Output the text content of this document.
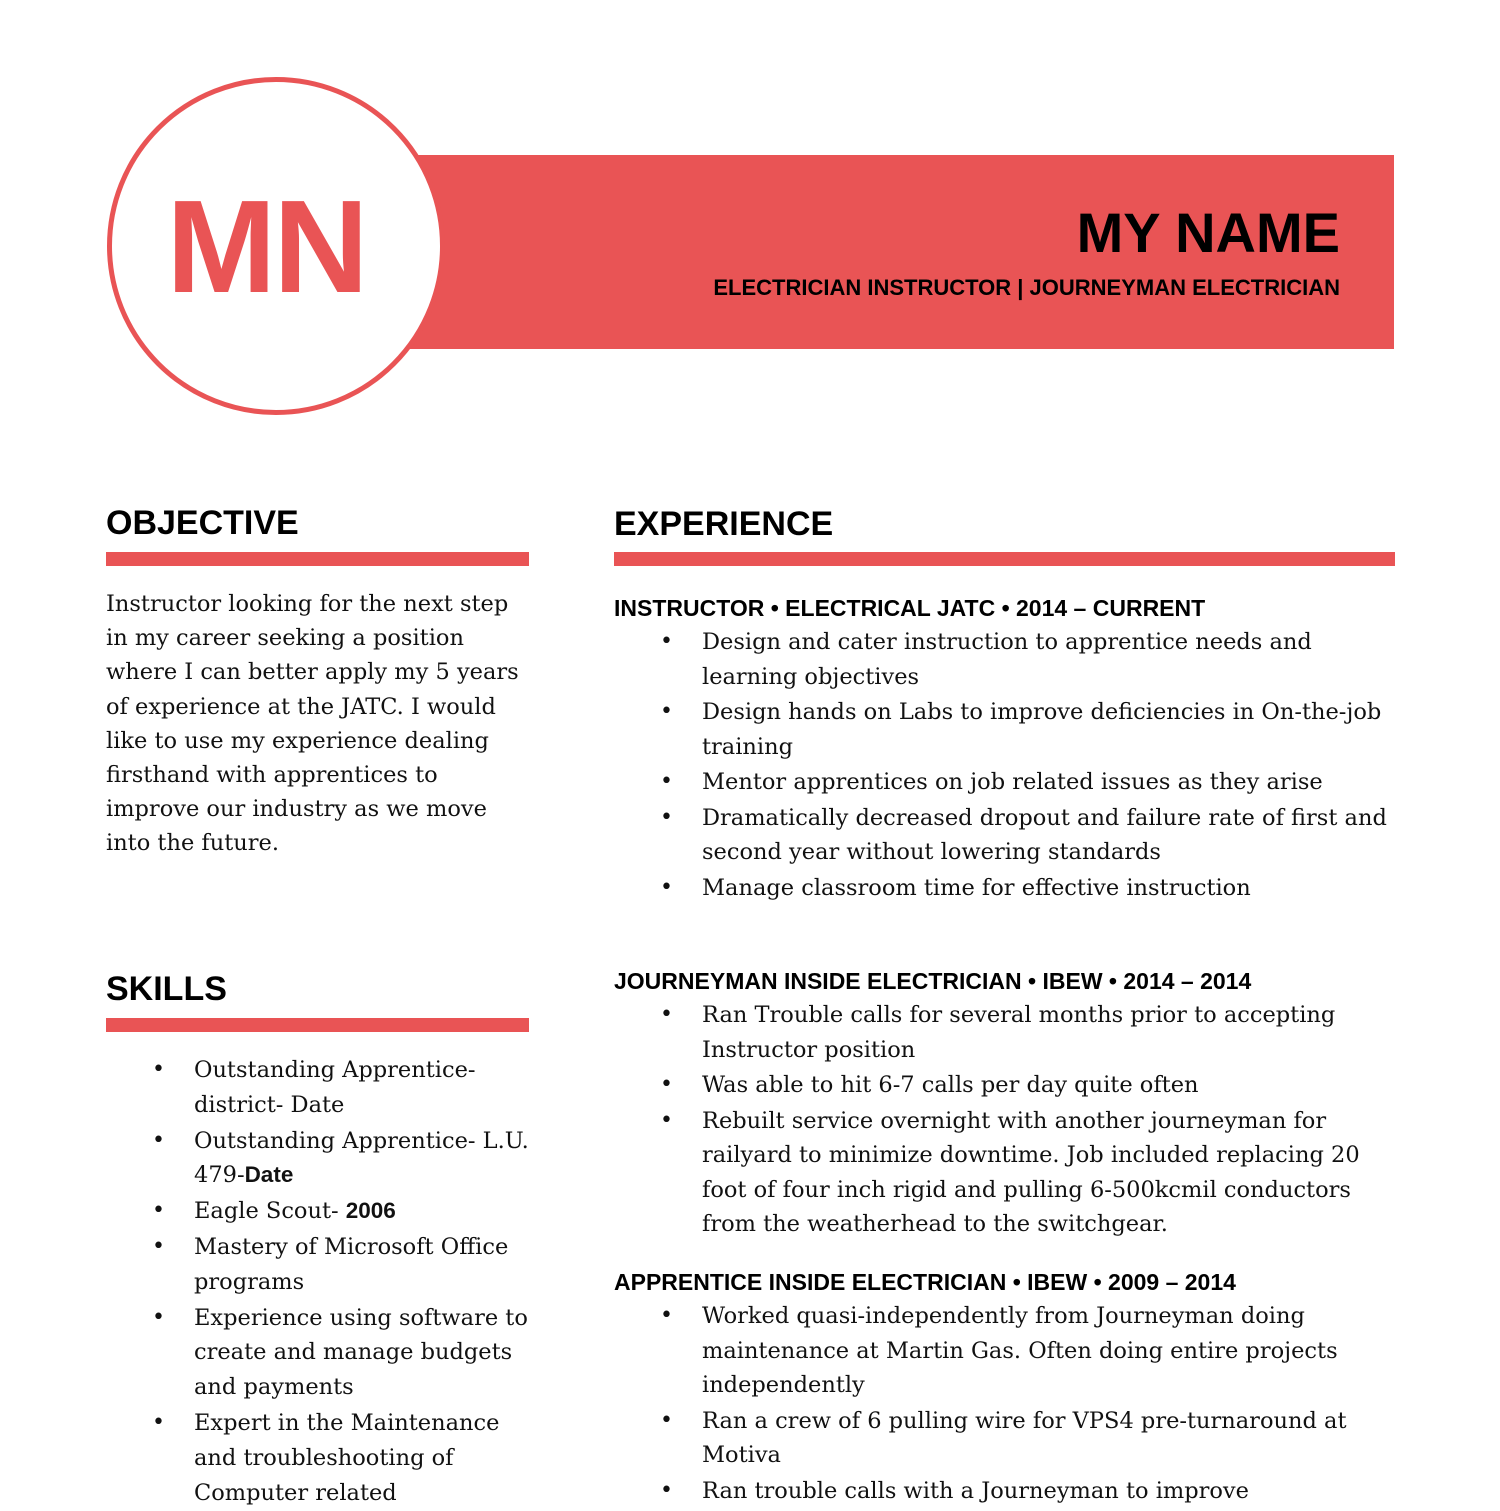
MY NAME
ELECTRICIAN INSTRUCTOR | JOURNEYMAN ELECTRICIAN
MN
OBJECTIVE

Instructor looking for the next step in my career seeking a position where I can better apply my 5 years of experience at the JATC. I would like to use my experience dealing firsthand with apprentices to improve our industry as we move into the future.

SKILLS
• Outstanding Apprentice- district- Date
• Outstanding Apprentice- L.U. 479-Date
• Eagle Scout- 2006
• Mastery of Microsoft Office programs
• Experience using software to create and manage budgets and payments
• Expert in the Maintenance and troubleshooting of Computer related
EXPERIENCE
INSTRUCTOR • ELECTRICAL JATC • 2014 – CURRENT
• Design and cater instruction to apprentice needs and learning objectives
• Design hands on Labs to improve deficiencies in On-the-job training
• Mentor apprentices on job related issues as they arise
• Dramatically decreased dropout and failure rate of first and second year without lowering standards
• Manage classroom time for effective instruction
JOURNEYMAN INSIDE ELECTRICIAN • IBEW • 2014 – 2014
• Ran Trouble calls for several months prior to accepting Instructor position
• Was able to hit 6-7 calls per day quite often
• Rebuilt service overnight with another journeyman for railyard to minimize downtime. Job included replacing 20 foot of four inch rigid and pulling 6-500kcmil conductors from the weatherhead to the switchgear.
APPRENTICE INSIDE ELECTRICIAN • IBEW • 2009 – 2014
• Worked quasi-independently from Journeyman doing maintenance at Martin Gas. Often doing entire projects independently
• Ran a crew of 6 pulling wire for VPS4 pre-turnaround at Motiva
• Ran trouble calls with a Journeyman to improve
